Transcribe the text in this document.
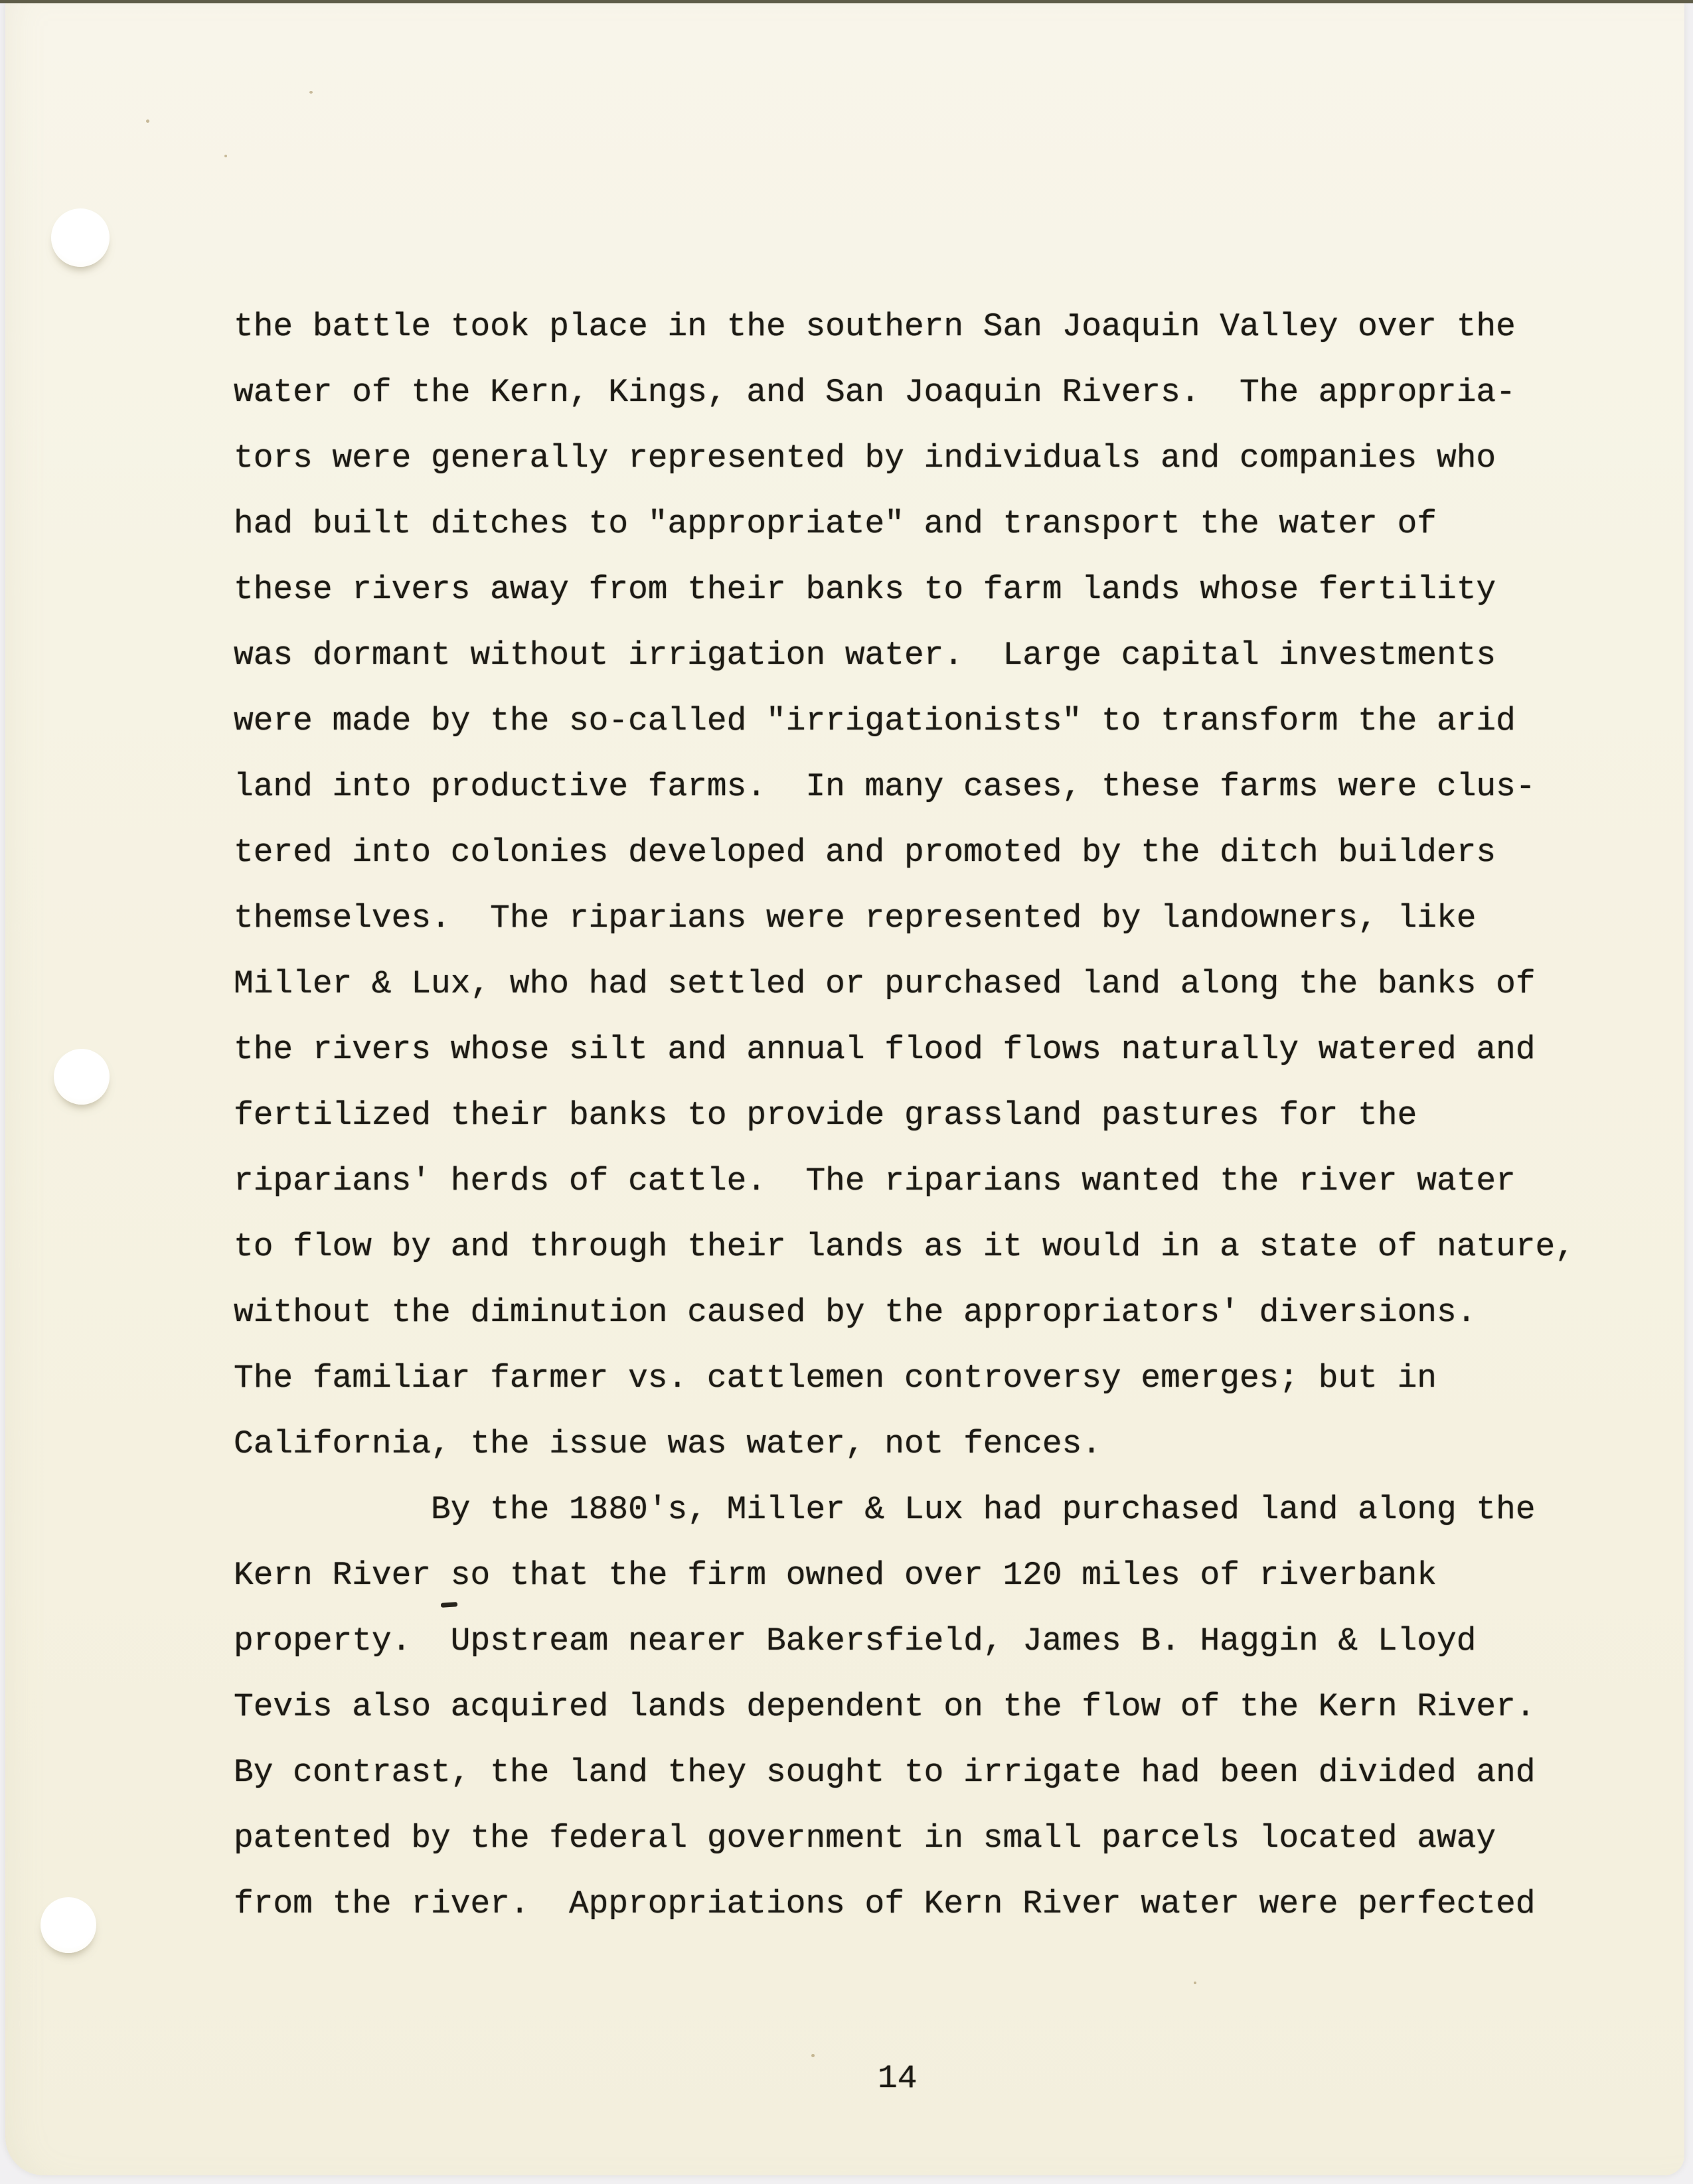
the battle took place in the southern San Joaquin Valley over the
water of the Kern, Kings, and San Joaquin Rivers.  The appropria-
tors were generally represented by individuals and companies who
had built ditches to "appropriate" and transport the water of
these rivers away from their banks to farm lands whose fertility
was dormant without irrigation water.  Large capital investments
were made by the so-called "irrigationists" to transform the arid
land into productive farms.  In many cases, these farms were clus-
tered into colonies developed and promoted by the ditch builders
themselves.  The riparians were represented by landowners, like
Miller & Lux, who had settled or purchased land along the banks of
the rivers whose silt and annual flood flows naturally watered and
fertilized their banks to provide grassland pastures for the
riparians' herds of cattle.  The riparians wanted the river water
to flow by and through their lands as it would in a state of nature,
without the diminution caused by the appropriators' diversions.
The familiar farmer vs. cattlemen controversy emerges; but in
California, the issue was water, not fences.
By the 1880's, Miller & Lux had purchased land along the
Kern River so that the firm owned over 120 miles of riverbank
property.  Upstream nearer Bakersfield, James B. Haggin & Lloyd
Tevis also acquired lands dependent on the flow of the Kern River.
By contrast, the land they sought to irrigate had been divided and
patented by the federal government in small parcels located away
from the river.  Appropriations of Kern River water were perfected
14
